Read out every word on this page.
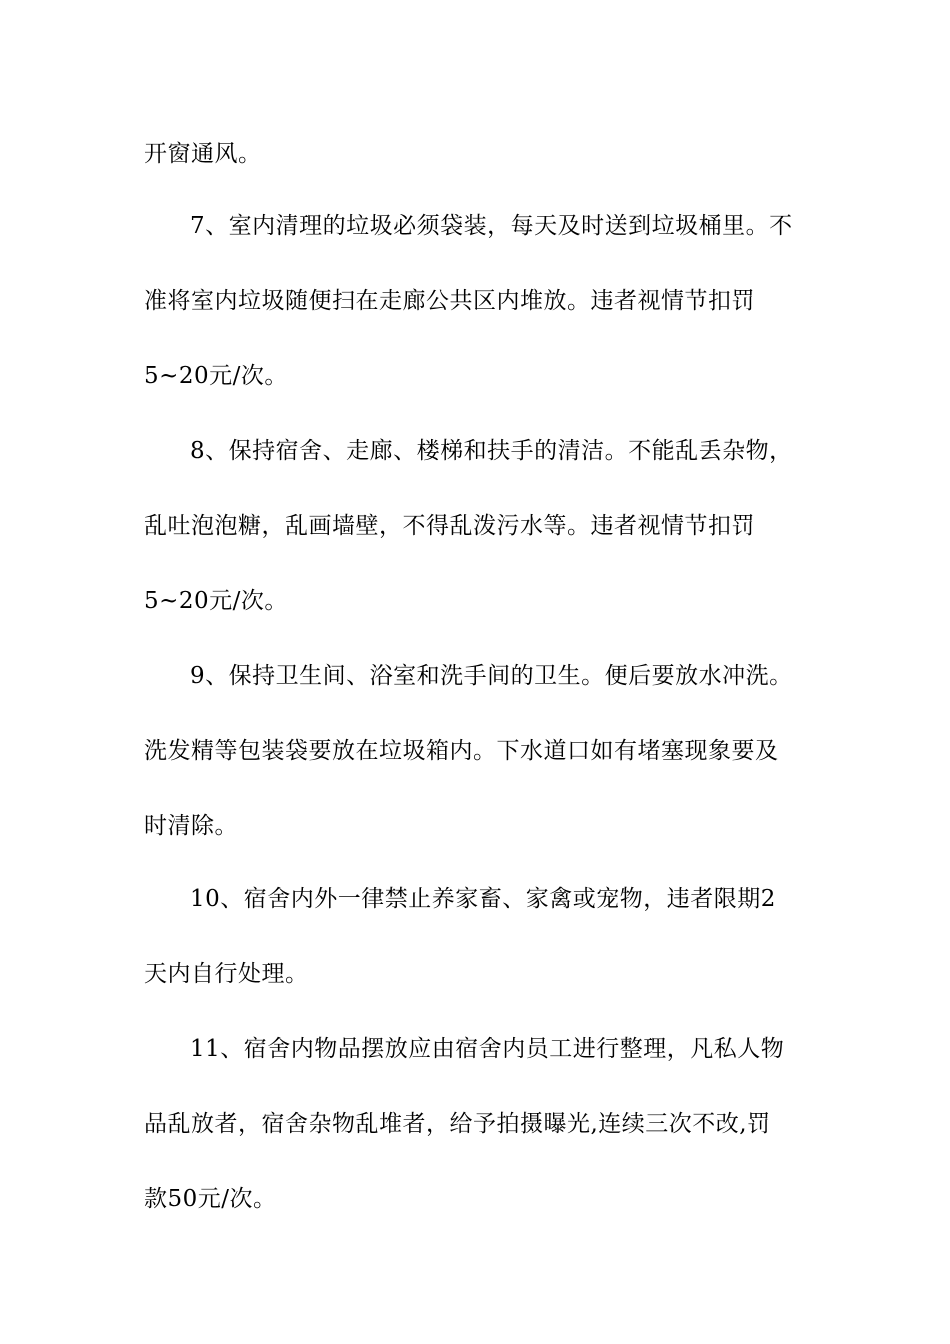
开窗通风。
7、室内清理的垃圾必须袋装，每天及时送到垃圾桶里。不
准将室内垃圾随便扫在走廊公共区内堆放。违者视情节扣罚
5~20元/次。
8、保持宿舍、走廊、楼梯和扶手的清洁。不能乱丢杂物，
乱吐泡泡糖，乱画墙壁，不得乱泼污水等。违者视情节扣罚
5~20元/次。
9、保持卫生间、浴室和洗手间的卫生。便后要放水冲洗。
洗发精等包装袋要放在垃圾箱内。下水道口如有堵塞现象要及
时清除。
10、宿舍内外一律禁止养家畜、家禽或宠物，违者限期2
天内自行处理。
11、宿舍内物品摆放应由宿舍内员工进行整理，凡私人物
品乱放者，宿舍杂物乱堆者，给予拍摄曝光,连续三次不改,罚
款50元/次。
